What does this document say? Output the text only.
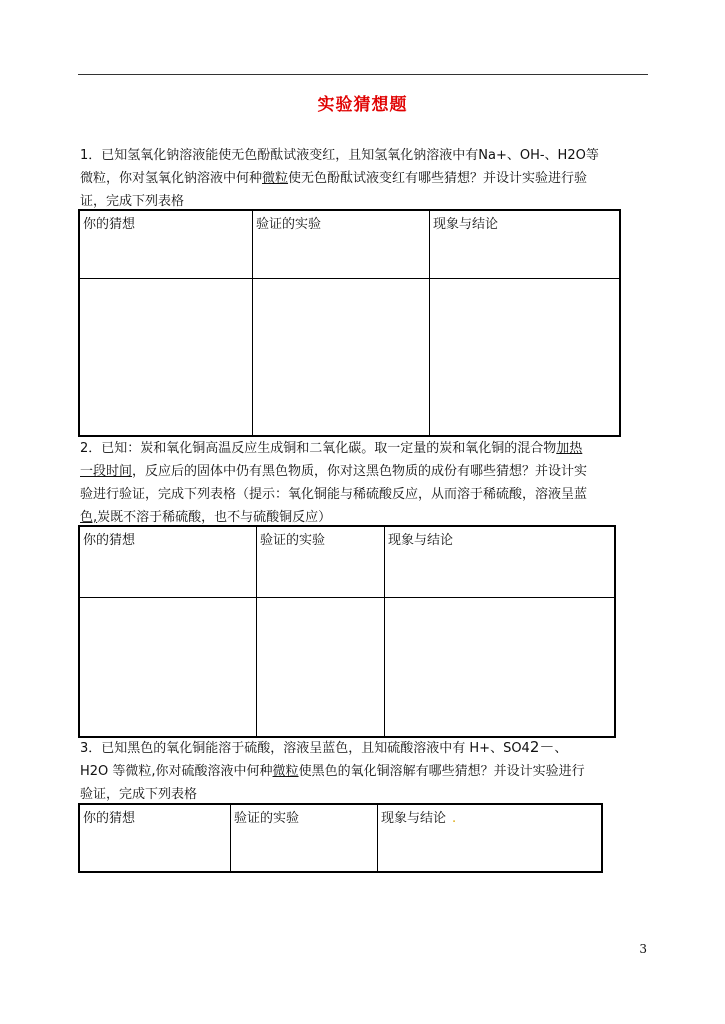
实验猜想题

1．已知氢氧化钠溶液能使无色酚酞试液变红，且知氢氧化钠溶液中有Na+、OH-、H2O等

微粒，你对氢氧化钠溶液中何种微粒使无色酚酞试液变红有哪些猜想？并设计实验进行验

证，完成下列表格

你的猜想	验证的实验	现象与结论

2．已知：炭和氧化铜高温反应生成铜和二氧化碳。取一定量的炭和氧化铜的混合物加热

一段时间，反应后的固体中仍有黑色物质，你对这黑色物质的成份有哪些猜想？并设计实

验进行验证，完成下列表格（提示：氧化铜能与稀硫酸反应，从而溶于稀硫酸，溶液呈蓝

色,炭既不溶于稀硫酸，也不与硫酸铜反应）

你的猜想	验证的实验	现象与结论

3．已知黑色的氧化铜能溶于硫酸，溶液呈蓝色，且知硫酸溶液中有 H+、SO42－、

H2O 等微粒,你对硫酸溶液中何种微粒使黑色的氧化铜溶解有哪些猜想？并设计实验进行

验证，完成下列表格

你的猜想	验证的实验	现象与结论 .
3
